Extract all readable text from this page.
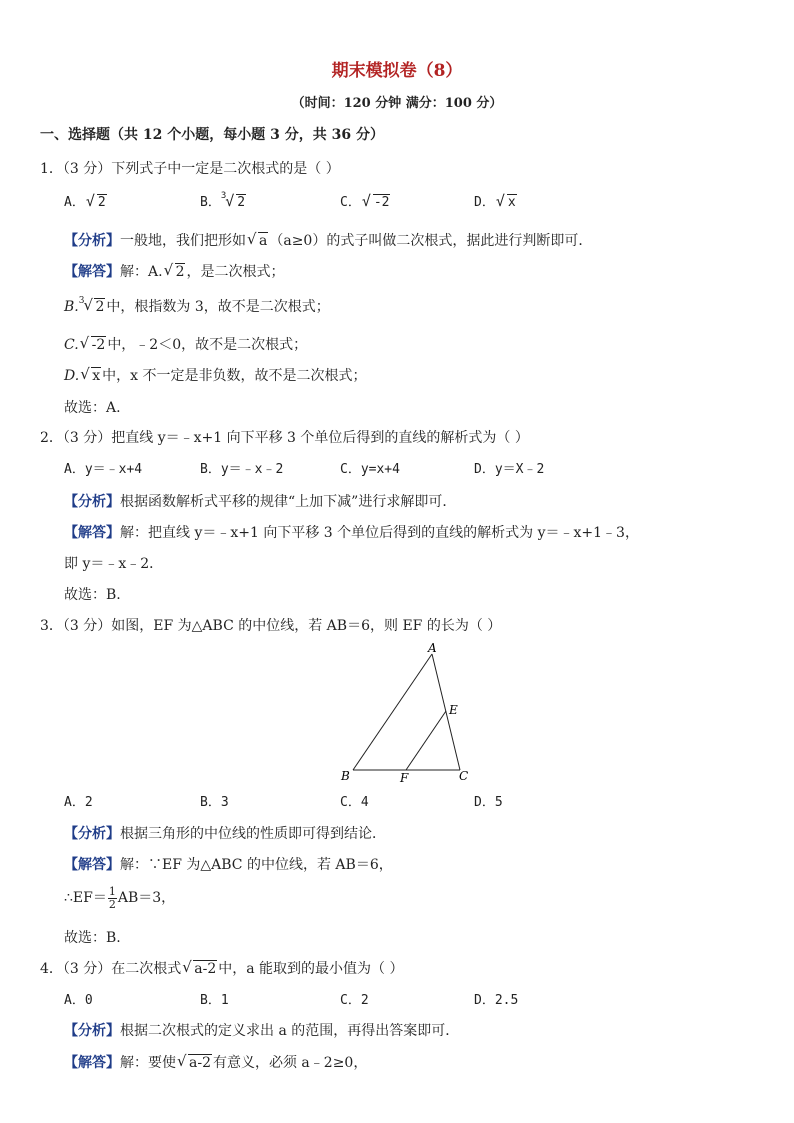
期末模拟卷（8）
（时间：120 分钟 满分：100 分）
一、选择题（共 12 个小题，每小题 3 分，共 36 分）
1．（3 分）下列式子中一定是二次根式的是（ ）
A． √ 2	B．$^3$ √ 2	C． √ -2	D． √ x
【分析】一般地，我们把形如 √ a （a≥0）的式子叫做二次根式，据此进行判断即可．
【解答】解：A. √ 2 ，是二次根式；
B.$^3$ √ 2 中，根指数为 3，故不是二次根式；
C. √ -2 中，﹣2＜0，故不是二次根式；
D. √ x 中，x 不一定是非负数，故不是二次根式；
故选：A.
2．（3 分）把直线 y＝﹣x+1 向下平移 3 个单位后得到的直线的解析式为（ ）
A．y＝﹣x+4	B．y＝﹣x﹣2	C．y=x+4	D．y＝X﹣2
【分析】根据函数解析式平移的规律“上加下减”进行求解即可．
【解答】解：把直线 y＝﹣x+1 向下平移 3 个单位后得到的直线的解析式为 y＝﹣x+1﹣3，
即 y＝﹣x﹣2．
故选：B.
3．（3 分）如图，EF 为△ABC 的中位线，若 AB＝6，则 EF 的长为（ ）
A
B	C
E
F
A．2	B．3	C．4	D．5
【分析】根据三角形的中位线的性质即可得到结论．
【解答】解：∵EF 为△ABC 的中位线，若 AB＝6，
∴EF＝ $\frac{1}{2} AB=3$，
故选：B.
4．（3 分）在二次根式 √ a-2 中，a 能取到的最小值为（ ）
A．0	B．1	C．2	D．2.5
【分析】根据二次根式的定义求出 a 的范围，再得出答案即可．
【解答】解：要使 √ a-2 有意义，必须 a﹣2≥0，
